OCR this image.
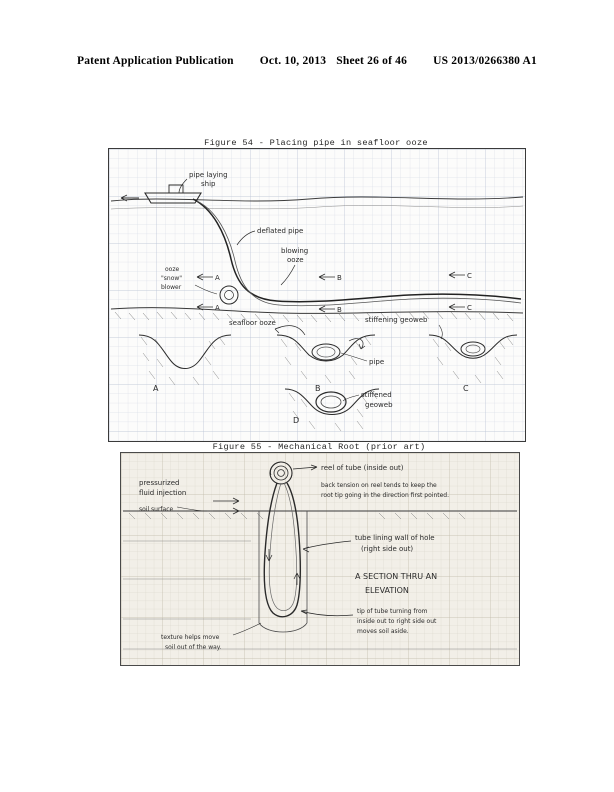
Patent Application Publication Oct. 10, 2013 Sheet 26 of 46 US 2013/0266380 A1
Figure 54 - Placing pipe in seafloor ooze
pipe laying
ship
deflated pipe
blowing
ooze
ooze
"snow"
blower
A	B	C
A	B	C
seafloor ooze	stiffening geoweb
A	B
pipe
C
D
stiffened
geoweb
Figure 55 - Mechanical Root (prior art)
pressurized
fluid injection
soil surface
reel of tube (inside out)
back tension on reel tends to keep the
root tip going in the direction first pointed.
tube lining wall of hole
(right side out)
A SECTION THRU AN
ELEVATION
tip of tube turning from
inside out to right side out
moves soil aside.
texture helps move
soil out of the way.
